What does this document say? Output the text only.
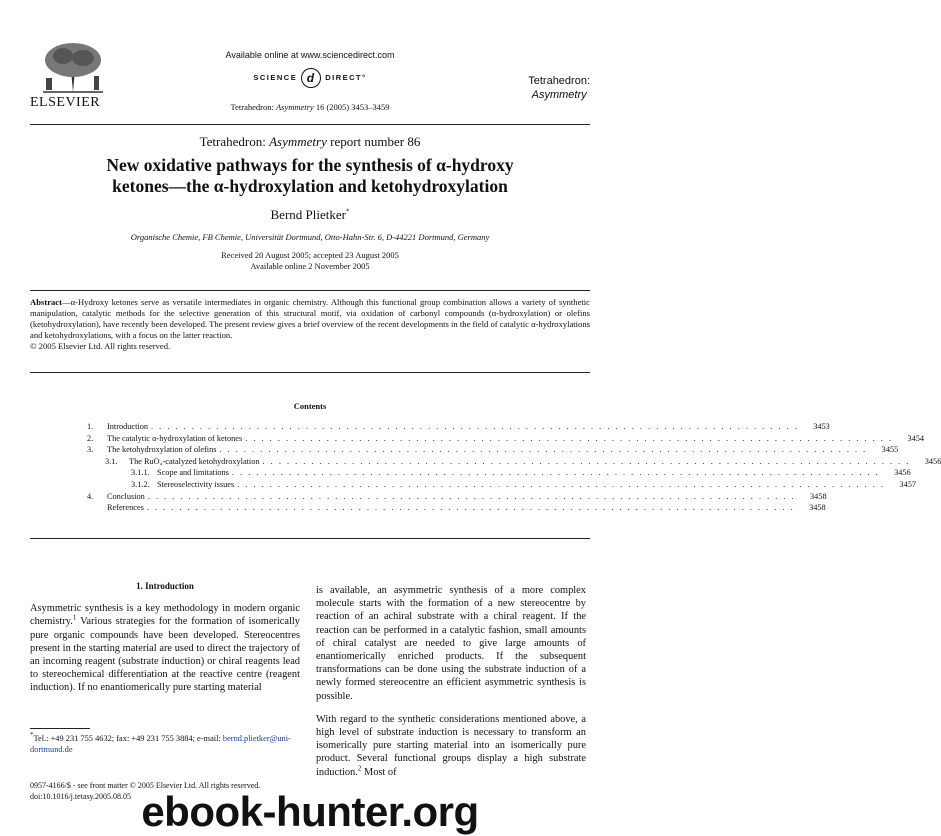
ELSEVIER
Available online at www.sciencedirect.com
SCIENCE d DIRECT°
Tetrahedron: Asymmetry 16 (2005) 3453–3459
Tetrahedron:
Asymmetry
Tetrahedron: Asymmetry report number 86
New oxidative pathways for the synthesis of α-hydroxy
ketones—the α-hydroxylation and ketohydroxylation
Bernd Plietker*
Organische Chemie, FB Chemie, Universität Dortmund, Otto-Hahn-Str. 6, D-44221 Dortmund, Germany
Received 20 August 2005; accepted 23 August 2005
Available online 2 November 2005
Abstract—α-Hydroxy ketones serve as versatile intermediates in organic chemistry. Although this functional group combination allows a variety of synthetic manipulation, catalytic methods for the selective generation of this structural motif, via oxidation of carbonyl compounds (α-hydroxylation) or olefins (ketohydroxylation), have recently been developed. The present review gives a brief overview of the recent developments in the field of catalytic α-hydroxylations and ketohydroxylations, with a focus on the latter reaction.
© 2005 Elsevier Ltd. All rights reserved.
Contents
1.	Introduction . . . . . . . . . . . . . . . . . . . . . . . . . . . . . . . . . . . . . . . . . . . . . . . . . . . . . . . . . . . . . . . . . . . . . . . . . . . . . . . .	3453
2.	The catalytic α-hydroxylation of ketones . . . . . . . . . . . . . . . . . . . . . . . . . . . . . . . . . . . . . . . . . . . . . . . . . . . . . . . . . . . . . . . . . . . . . . . . . . . . . . . .	3454
3.	The ketohydroxylation of olefins . . . . . . . . . . . . . . . . . . . . . . . . . . . . . . . . . . . . . . . . . . . . . . . . . . . . . . . . . . . . . . . . . . . . . . . . . . . . . . . .	3455
3.1.	The RuO₄-catalyzed ketohydroxylation . . . . . . . . . . . . . . . . . . . . . . . . . . . . . . . . . . . . . . . . . . . . . . . . . . . . . . . . . . . . . . . . . . . . . . . . . . . . . . . .	3456
3.1.1. Scope and limitations . . . . . . . . . . . . . . . . . . . . . . . . . . . . . . . . . . . . . . . . . . . . . . . . . . . . . . . . . . . . . . . . . . . . . . . . . . . . . . . .	3456
3.1.2. Stereoselectivity issues . . . . . . . . . . . . . . . . . . . . . . . . . . . . . . . . . . . . . . . . . . . . . . . . . . . . . . . . . . . . . . . . . . . . . . . . . . . . . . . .	3457
4.	Conclusion . . . . . . . . . . . . . . . . . . . . . . . . . . . . . . . . . . . . . . . . . . . . . . . . . . . . . . . . . . . . . . . . . . . . . . . . . . . . . . . .	3458
References . . . . . . . . . . . . . . . . . . . . . . . . . . . . . . . . . . . . . . . . . . . . . . . . . . . . . . . . . . . . . . . . . . . . . . . . . . . . . . . .	3458
1. Introduction

Asymmetric synthesis is a key methodology in modern organic chemistry.$^1$ Various strategies for the formation of isomerically pure organic compounds have been developed. Stereocentres present in the starting material are used to direct the trajectory of an incoming reagent (substrate induction) or chiral reagents lead to stereochemical differentiation at the reactive centre (reagent induction). If no enantiomerically pure starting material

is available, an asymmetric synthesis of a more complex molecule starts with the formation of a new stereocentre by reaction of an achiral substrate with a chiral reagent. If the reaction can be performed in a catalytic fashion, small amounts of chiral catalyst are needed to give large amounts of enantiomerically enriched products. If the subsequent transformations can be done using the substrate induction of a newly formed stereocentre an efficient asymmetric synthesis is possible.

With regard to the synthetic considerations mentioned above, a high level of substrate induction is necessary to transform an isomerically pure starting material into an isomerically pure product. Several functional groups display a high substrate induction.$^2$ Most of

*Tel.: +49 231 755 4632; fax: +49 231 755 3884; e-mail: bernd.plietker@uni-dortmund.de
0957-4166/$ - see front matter © 2005 Elsevier Ltd. All rights reserved.
doi:10.1016/j.tetasy.2005.08.05 ebook-hunter.org
